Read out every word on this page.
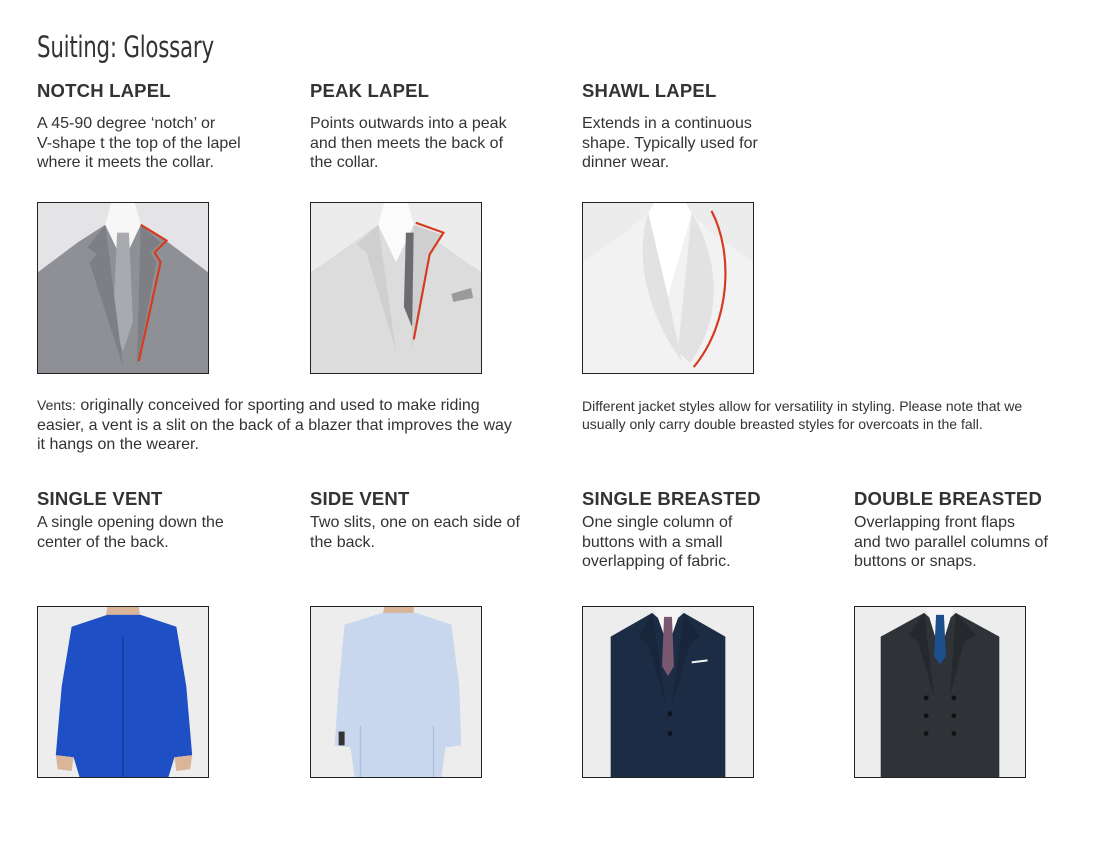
Suiting: Glossary
NOTCH LAPEL

A 45-90 degree ‘notch’ or
V-shape t the top of the lapel
where it meets the collar.

PEAK LAPEL

Points outwards into a peak
and then meets the back of
the collar.

SHAWL LAPEL

Extends in a continuous
shape. Typically used for
dinner wear.

Vents: originally conceived for sporting and used to make riding
easier, a vent is a slit on the back of a blazer that improves the way
it hangs on the wearer.
Different jacket styles allow for versatility in styling. Please note that we
usually only carry double breasted styles for overcoats in the fall.
SINGLE VENT

A single opening down the
center of the back.

SIDE VENT

Two slits, one on each side of
the back.

SINGLE BREASTED

One single column of
buttons with a small
overlapping of fabric.

DOUBLE BREASTED

Overlapping front flaps
and two parallel columns of
buttons or snaps.
